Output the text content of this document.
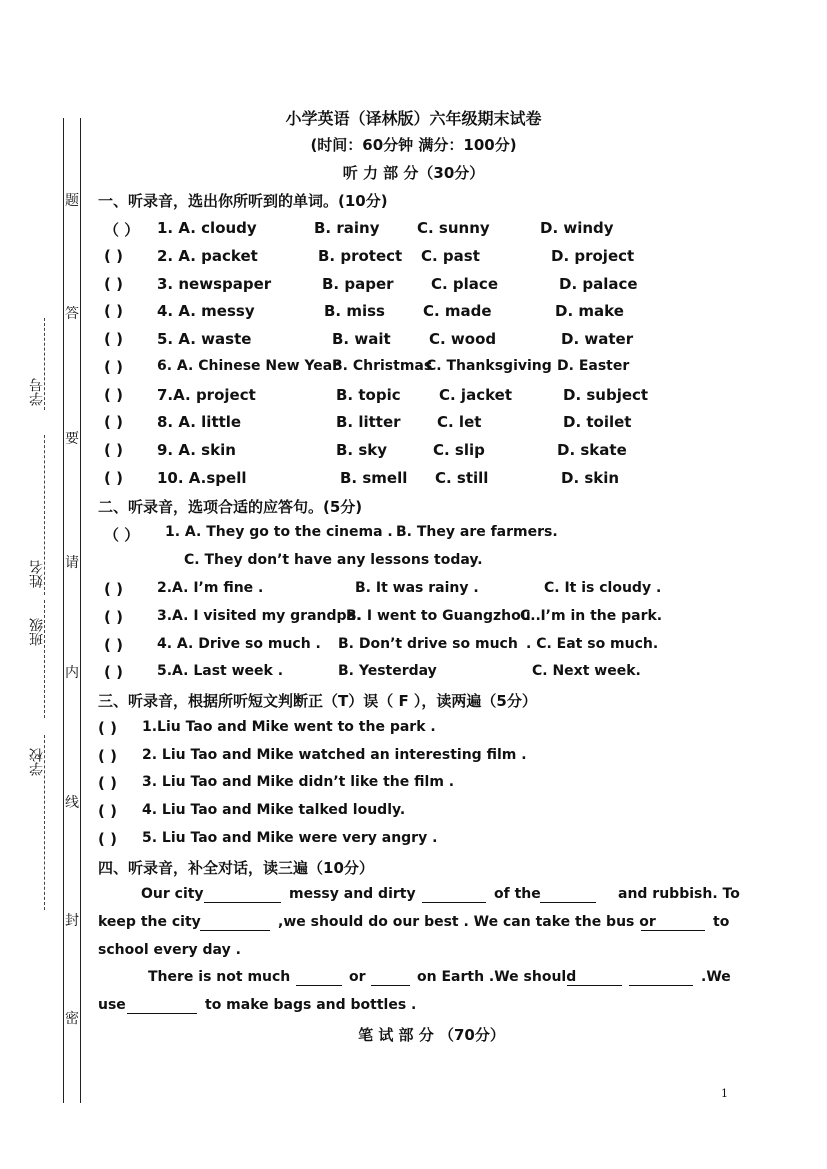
题
答
要
请
内
线
封
密
学号
姓名
班级
学校
小学英语（译林版）六年级期末试卷
(时间：60分钟 满分：100分)
听 力 部 分（30分）
一、听录音，选出你所听到的单词。(10分)
（ ） 1. A. cloudy	B. rainy	C. sunny	D. windy
( ) 2. A. packet	B. protect C. past	D. project
( ) 3. newspaper	B. paper C. place	D. palace
( ) 4. A. messy	B. miss	C. made	D. make
( ) 5. A. waste	B. wait	C. wood	D. water
( ) 6. A. Chinese New Year
B. Christmas
C. Thanksgiving D. Easter
( ) 7.A. project	B. topic	C. jacket	D. subject
( ) 8. A. little	B. litter C. let	D. toilet
( ) 9. A. skin	B. sky	C. slip	D. skate
( ) 10. A.spell	B. smell C. still	D. skin
二、听录音，选项合适的应答句。(5分)
（ ） 1. A. They go to the cinema . B. They are farmers.
C. They don’t have any lessons today.
( ) 2.A. I’m fine .	B. It was rainy .	C. It is cloudy .
( ) 3.A. I visited my grandpa.
B. I went to Guangzhou .
C. I’m in the park.
( ) 4. A. Drive so much . B. Don’t drive so much . C. Eat so much.
( ) 5.A. Last week .	B. Yesterday	C. Next week.
三、听录音，根据所听短文判断正（T）误（ F ），读两遍（5分）
( ) 1.Liu Tao and Mike went to the park .
( ) 2. Liu Tao and Mike watched an interesting film .
( ) 3. Liu Tao and Mike didn’t like the film .
( ) 4. Liu Tao and Mike talked loudly.
( ) 5. Liu Tao and Mike were very angry .
四、听录音，补全对话，读三遍（10分）
Our city	messy and dirty	of the	and rubbish. To
keep the city	,we should do our best . We can take the bus or	to
school every day .
There is not much	or	on Earth .We should	.We
use	to make bags and bottles .
笔 试 部 分 （70分）
1
